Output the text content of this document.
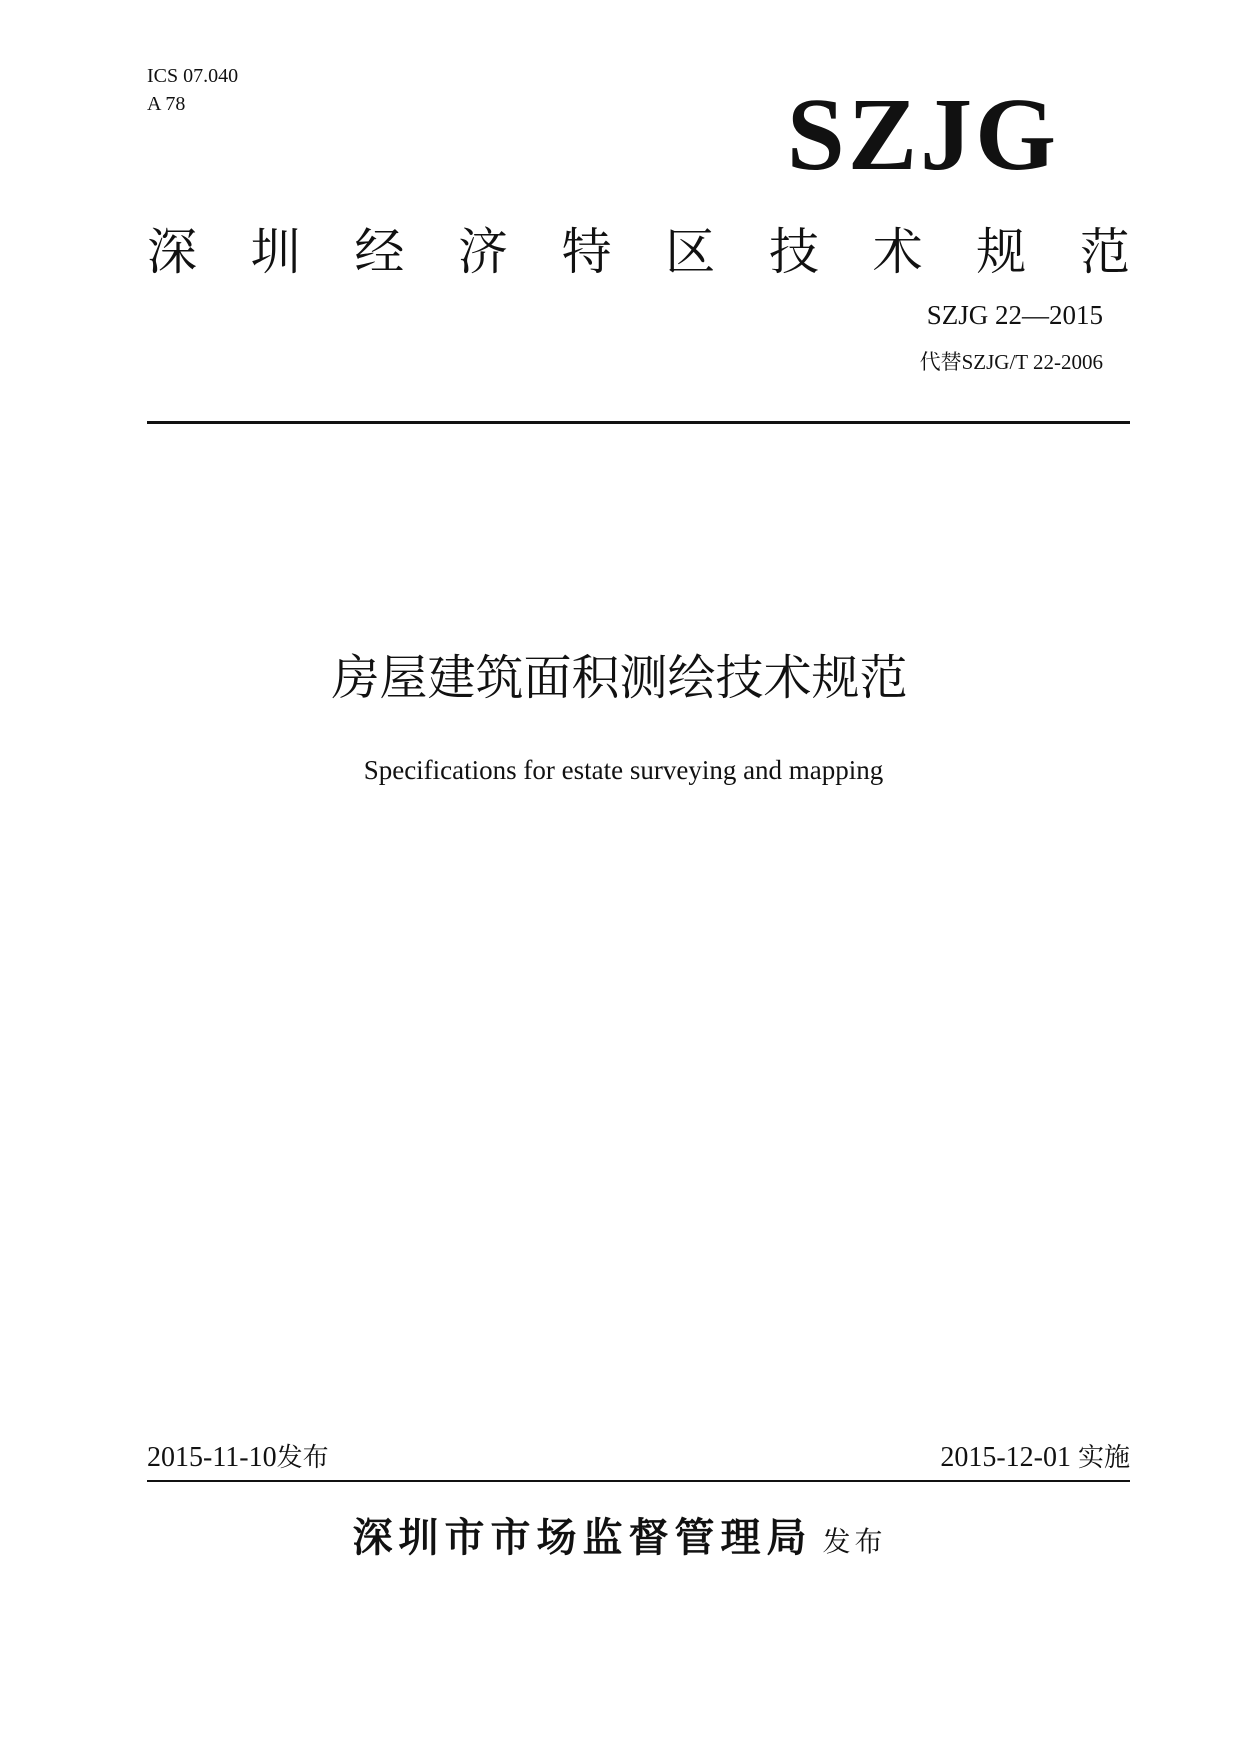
ICS 07.040
A 78	SZJG
深 圳 经 济 特 区 技 术 规 范
SZJG 22—2015
代替SZJG/T 22-2006
房屋建筑面积测绘技术规范
Specifications for estate surveying and mapping
2015-11-10发布	2015-12-01 实施
深圳市市场监督管理局 发布
